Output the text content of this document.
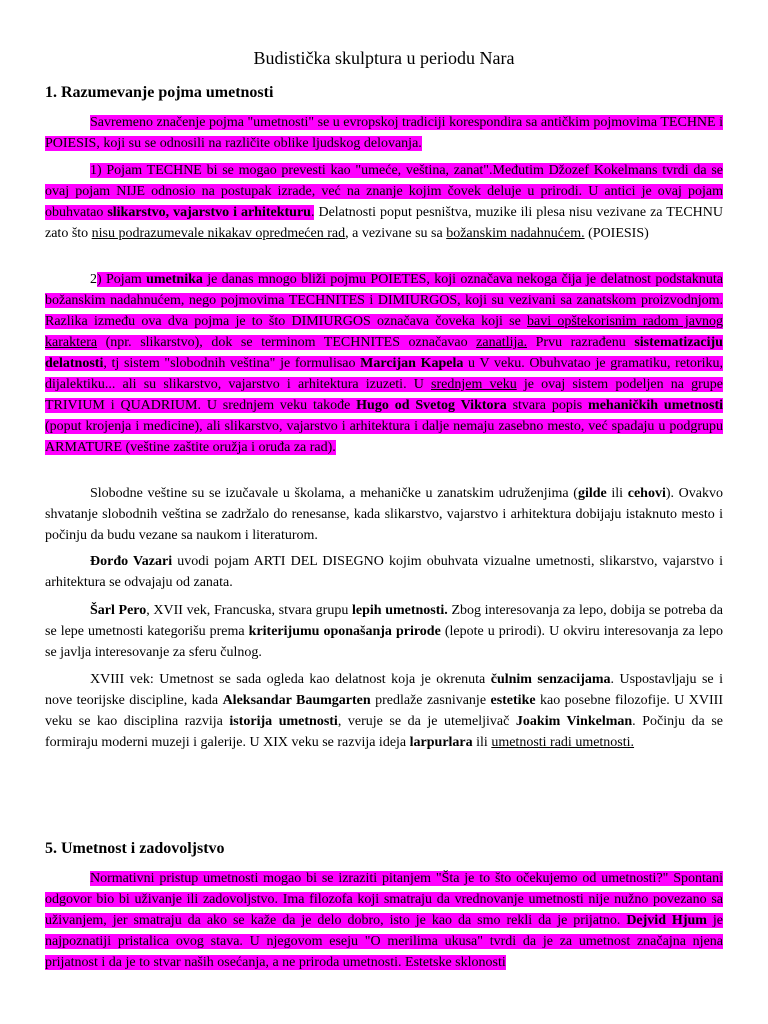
Budistička skulptura u periodu Nara
1. Razumevanje pojma umetnosti
Savremeno značenje pojma "umetnosti" se u evropskoj tradiciji korespondira sa antičkim pojmovima TECHNE i POIESIS, koji su se odnosili na različite oblike ljudskog delovanja.
1) Pojam TECHNE bi se mogao prevesti kao "umeće, veština, zanat".Međutim Džozef Kokelmans tvrdi da se ovaj pojam NIJE odnosio na postupak izrade, već na znanje kojim čovek deluje u prirodi. U antici je ovaj pojam obuhvatao slikarstvo, vajarstvo i arhitekturu. Delatnosti poput pesništva, muzike ili plesa nisu vezivane za TECHNU zato što nisu podrazumevale nikakav opredmećen rad, a vezivane su sa božanskim nadahnućem. (POIESIS)
2) Pojam umetnika je danas mnogo bliži pojmu POIETES, koji označava nekoga čija je delatnost podstaknuta božanskim nadahnućem, nego pojmovima TECHNITES i DIMIURGOS, koji su vezivani sa zanatskom proizvodnjom. Razlika između ova dva pojma je to što DIMIURGOS označava čoveka koji se bavi opštekorisnim radom javnog karaktera (npr. slikarstvo), dok se terminom TECHNITES označavao zanatlija. Prvu razrađenu sistematizaciju delatnosti, tj sistem "slobodnih veština" je formulisao Marcijan Kapela u V veku. Obuhvatao je gramatiku, retoriku, dijalektiku... ali su slikarstvo, vajarstvo i arhitektura izuzeti. U srednjem veku je ovaj sistem podeljen na grupe TRIVIUM i QUADRIUM. U srednjem veku takođe Hugo od Svetog Viktora stvara popis mehaničkih umetnosti (poput krojenja i medicine), ali slikarstvo, vajarstvo i arhitektura i dalje nemaju zasebno mesto, već spadaju u podgrupu ARMATURE (veštine zaštite oružja i oruđa za rad).
Slobodne veštine su se izučavale u školama, a mehaničke u zanatskim udruženjima (gilde ili cehovi). Ovakvo shvatanje slobodnih veština se zadržalo do renesanse, kada slikarstvo, vajarstvo i arhitektura dobijaju istaknuto mesto i počinju da budu vezane sa naukom i literaturom.
Đorđo Vazari uvodi pojam ARTI DEL DISEGNO kojim obuhvata vizualne umetnosti, slikarstvo, vajarstvo i arhitektura se odvajaju od zanata.
Šarl Pero, XVII vek, Francuska, stvara grupu lepih umetnosti. Zbog interesovanja za lepo, dobija se potreba da se lepe umetnosti kategorišu prema kriterijumu oponašanja prirode (lepote u prirodi). U okviru interesovanja za lepo se javlja interesovanje za sferu čulnog.
XVIII vek: Umetnost se sada ogleda kao delatnost koja je okrenuta čulnim senzacijama. Uspostavljaju se i nove teorijske discipline, kada Aleksandar Baumgarten predlaže zasnivanje estetike kao posebne filozofije. U XVIII veku se kao disciplina razvija istorija umetnosti, veruje se da je utemeljivač Joakim Vinkelman. Počinju da se formiraju moderni muzeji i galerije. U XIX veku se razvija ideja larpurlara ili umetnosti radi umetnosti.
5. Umetnost i zadovoljstvo
Normativni pristup umetnosti mogao bi se izraziti pitanjem "Šta je to što očekujemo od umetnosti?" Spontani odgovor bio bi uživanje ili zadovoljstvo. Ima filozofa koji smatraju da vrednovanje umetnosti nije nužno povezano sa uživanjem, jer smatraju da ako se kaže da je delo dobro, isto je kao da smo rekli da je prijatno. Dejvid Hjum je najpoznatiji pristalica ovog stava. U njegovom eseju "O merilima ukusa" tvrdi da je za umetnost značajna njena prijatnost i da je to stvar naših osećanja, a ne priroda umetnosti. Estetske sklonosti
